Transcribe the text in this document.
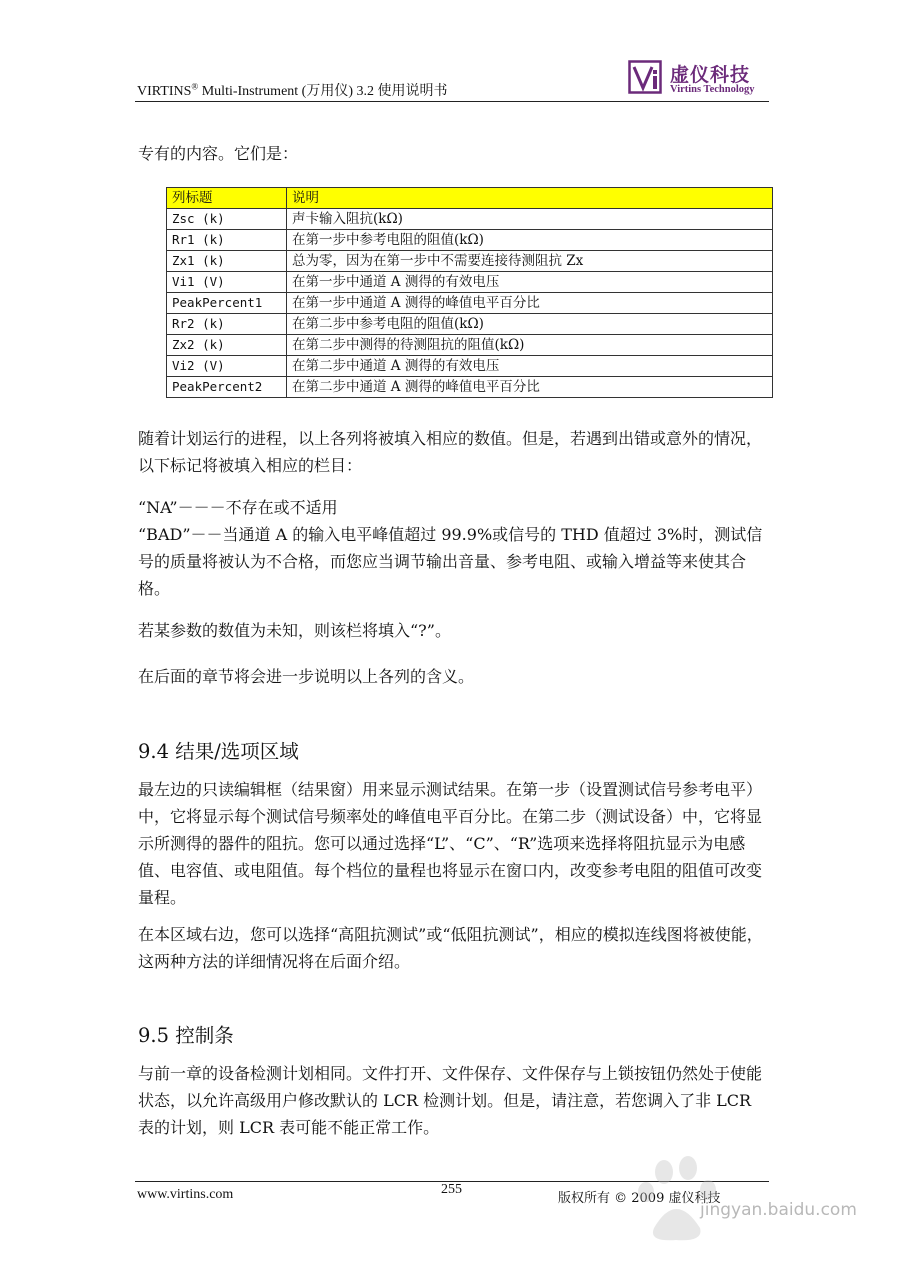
VIRTINS® Multi-Instrument (万用仪) 3.2 使用说明书
虚仪科技
Virtins Technology

专有的内容。它们是：

列标题	说明
Zsc (k)	声卡输入阻抗(kΩ)
Rr1 (k)	在第一步中参考电阻的阻值(kΩ)
Zx1 (k)	总为零，因为在第一步中不需要连接待测阻抗 Zx
Vi1 (V)	在第一步中通道 A 测得的有效电压
PeakPercent1	在第一步中通道 A 测得的峰值电平百分比
Rr2 (k)	在第二步中参考电阻的阻值(kΩ)
Zx2 (k)	在第二步中测得的待测阻抗的阻值(kΩ)
Vi2 (V)	在第二步中通道 A 测得的有效电压
PeakPercent2	在第二步中通道 A 测得的峰值电平百分比

随着计划运行的进程，以上各列将被填入相应的数值。但是，若遇到出错或意外的情况，以下标记将被填入相应的栏目：

“NA”－－－不存在或不适用

“BAD”－－当通道 A 的输入电平峰值超过 99.9%或信号的 THD 值超过 3%时，测试信号的质量将被认为不合格，而您应当调节输出音量、参考电阻、或输入增益等来使其合格。

若某参数的数值为未知，则该栏将填入“?”。

在后面的章节将会进一步说明以上各列的含义。

9.4 结果/选项区域

最左边的只读编辑框（结果窗）用来显示测试结果。在第一步（设置测试信号参考电平）中，它将显示每个测试信号频率处的峰值电平百分比。在第二步（测试设备）中，它将显示所测得的器件的阻抗。您可以通过选择“L”、“C”、“R”选项来选择将阻抗显示为电感值、电容值、或电阻值。每个档位的量程也将显示在窗口内，改变参考电阻的阻值可改变量程。

在本区域右边，您可以选择“高阻抗测试”或“低阻抗测试”，相应的模拟连线图将被使能，这两种方法的详细情况将在后面介绍。

9.5 控制条

与前一章的设备检测计划相同。文件打开、文件保存、文件保存与上锁按钮仍然处于使能状态，以允许高级用户修改默认的 LCR 检测计划。但是，请注意，若您调入了非 LCR 表的计划，则 LCR 表可能不能正常工作。

www.virtins.com	255
版权所有 © 2009 虚仪科技
jingyan.baidu.com
